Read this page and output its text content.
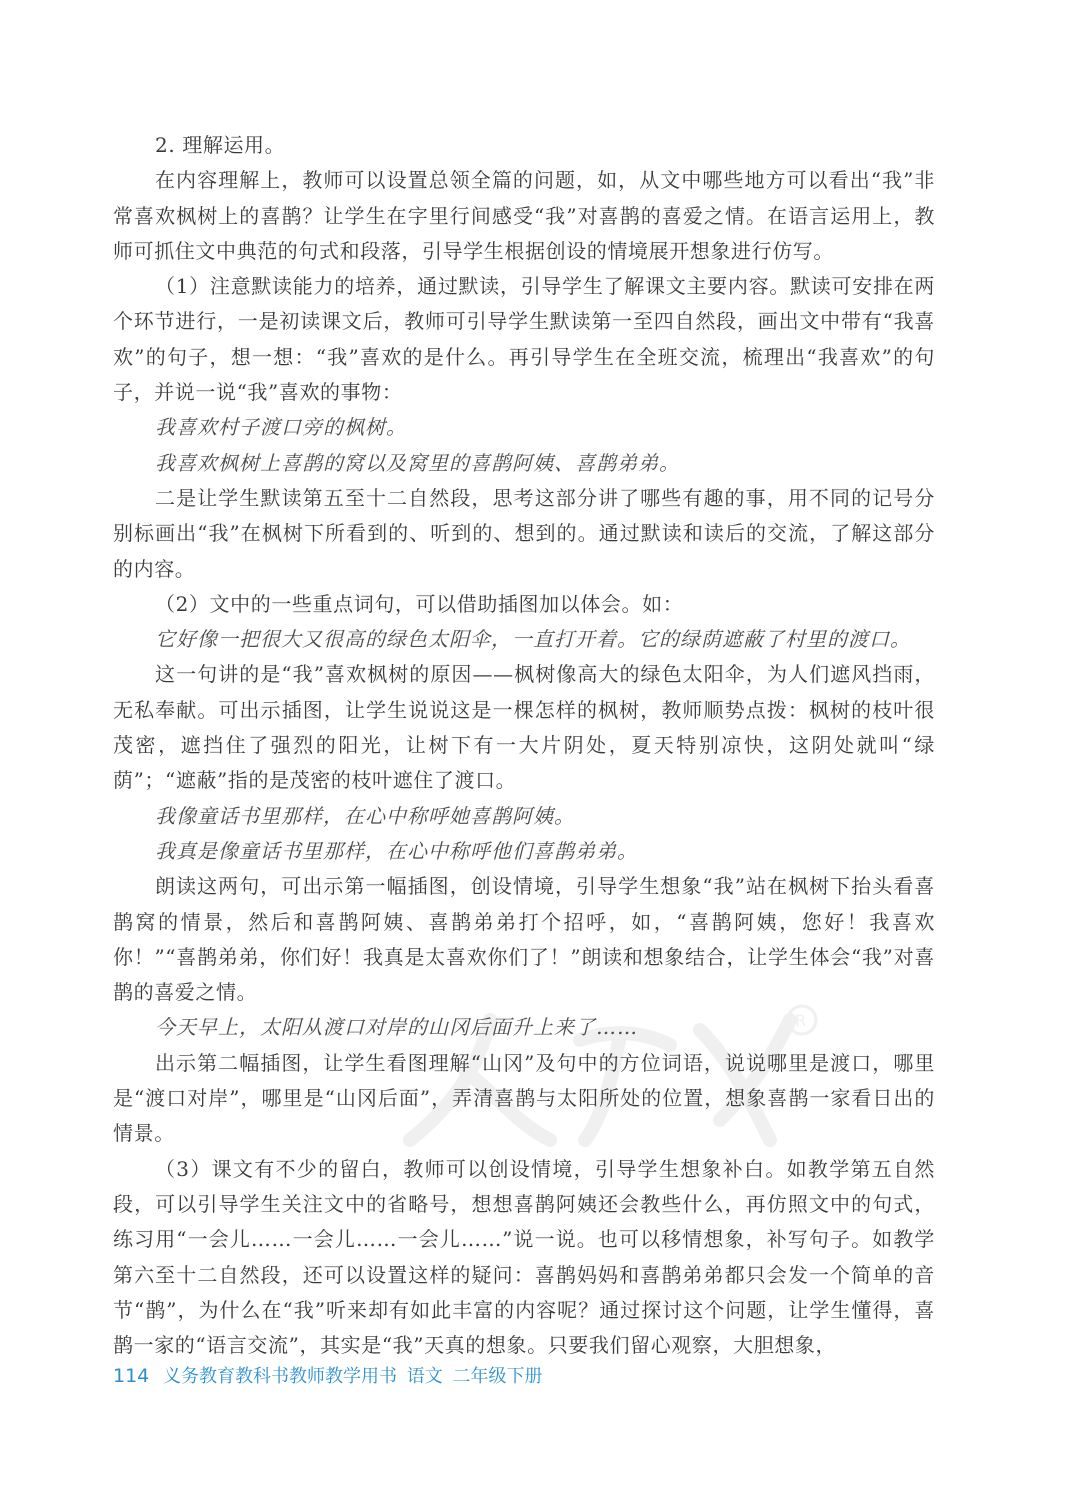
R

2. 理解运用。

在内容理解上，教师可以设置总领全篇的问题，如，从文中哪些地方可以看出“我”非常喜欢枫树上的喜鹊？让学生在字里行间感受“我”对喜鹊的喜爱之情。在语言运用上，教师可抓住文中典范的句式和段落，引导学生根据创设的情境展开想象进行仿写。

（1）注意默读能力的培养，通过默读，引导学生了解课文主要内容。默读可安排在两个环节进行，一是初读课文后，教师可引导学生默读第一至四自然段，画出文中带有“我喜欢”的句子，想一想：“我”喜欢的是什么。再引导学生在全班交流，梳理出“我喜欢”的句子，并说一说“我”喜欢的事物：

我喜欢村子渡口旁的枫树。

我喜欢枫树上喜鹊的窝以及窝里的喜鹊阿姨、喜鹊弟弟。

二是让学生默读第五至十二自然段，思考这部分讲了哪些有趣的事，用不同的记号分别标画出“我”在枫树下所看到的、听到的、想到的。通过默读和读后的交流，了解这部分的内容。

（2）文中的一些重点词句，可以借助插图加以体会。如：

它好像一把很大又很高的绿色太阳伞，一直打开着。它的绿荫遮蔽了村里的渡口。

这一句讲的是“我”喜欢枫树的原因——枫树像高大的绿色太阳伞，为人们遮风挡雨，无私奉献。可出示插图，让学生说说这是一棵怎样的枫树，教师顺势点拨：枫树的枝叶很茂密，遮挡住了强烈的阳光，让树下有一大片阴处，夏天特别凉快，这阴处就叫“绿荫”；“遮蔽”指的是茂密的枝叶遮住了渡口。

我像童话书里那样，在心中称呼她喜鹊阿姨。

我真是像童话书里那样，在心中称呼他们喜鹊弟弟。

朗读这两句，可出示第一幅插图，创设情境，引导学生想象“我”站在枫树下抬头看喜鹊窝的情景，然后和喜鹊阿姨、喜鹊弟弟打个招呼，如，“喜鹊阿姨，您好！我喜欢你！”“喜鹊弟弟，你们好！我真是太喜欢你们了！”朗读和想象结合，让学生体会“我”对喜鹊的喜爱之情。

今天早上，太阳从渡口对岸的山冈后面升上来了……

出示第二幅插图，让学生看图理解“山冈”及句中的方位词语，说说哪里是渡口，哪里是“渡口对岸”，哪里是“山冈后面”，弄清喜鹊与太阳所处的位置，想象喜鹊一家看日出的情景。

（3）课文有不少的留白，教师可以创设情境，引导学生想象补白。如教学第五自然段，可以引导学生关注文中的省略号，想想喜鹊阿姨还会教些什么，再仿照文中的句式，练习用“一会儿……一会儿……一会儿……”说一说。也可以移情想象，补写句子。如教学第六至十二自然段，还可以设置这样的疑问：喜鹊妈妈和喜鹊弟弟都只会发一个简单的音节“鹊”，为什么在“我”听来却有如此丰富的内容呢？通过探讨这个问题，让学生懂得，喜鹊一家的“语言交流”，其实是“我”天真的想象。只要我们留心观察，大胆想象，

114 义务教育教科书教师教学用书 语文 二年级下册
